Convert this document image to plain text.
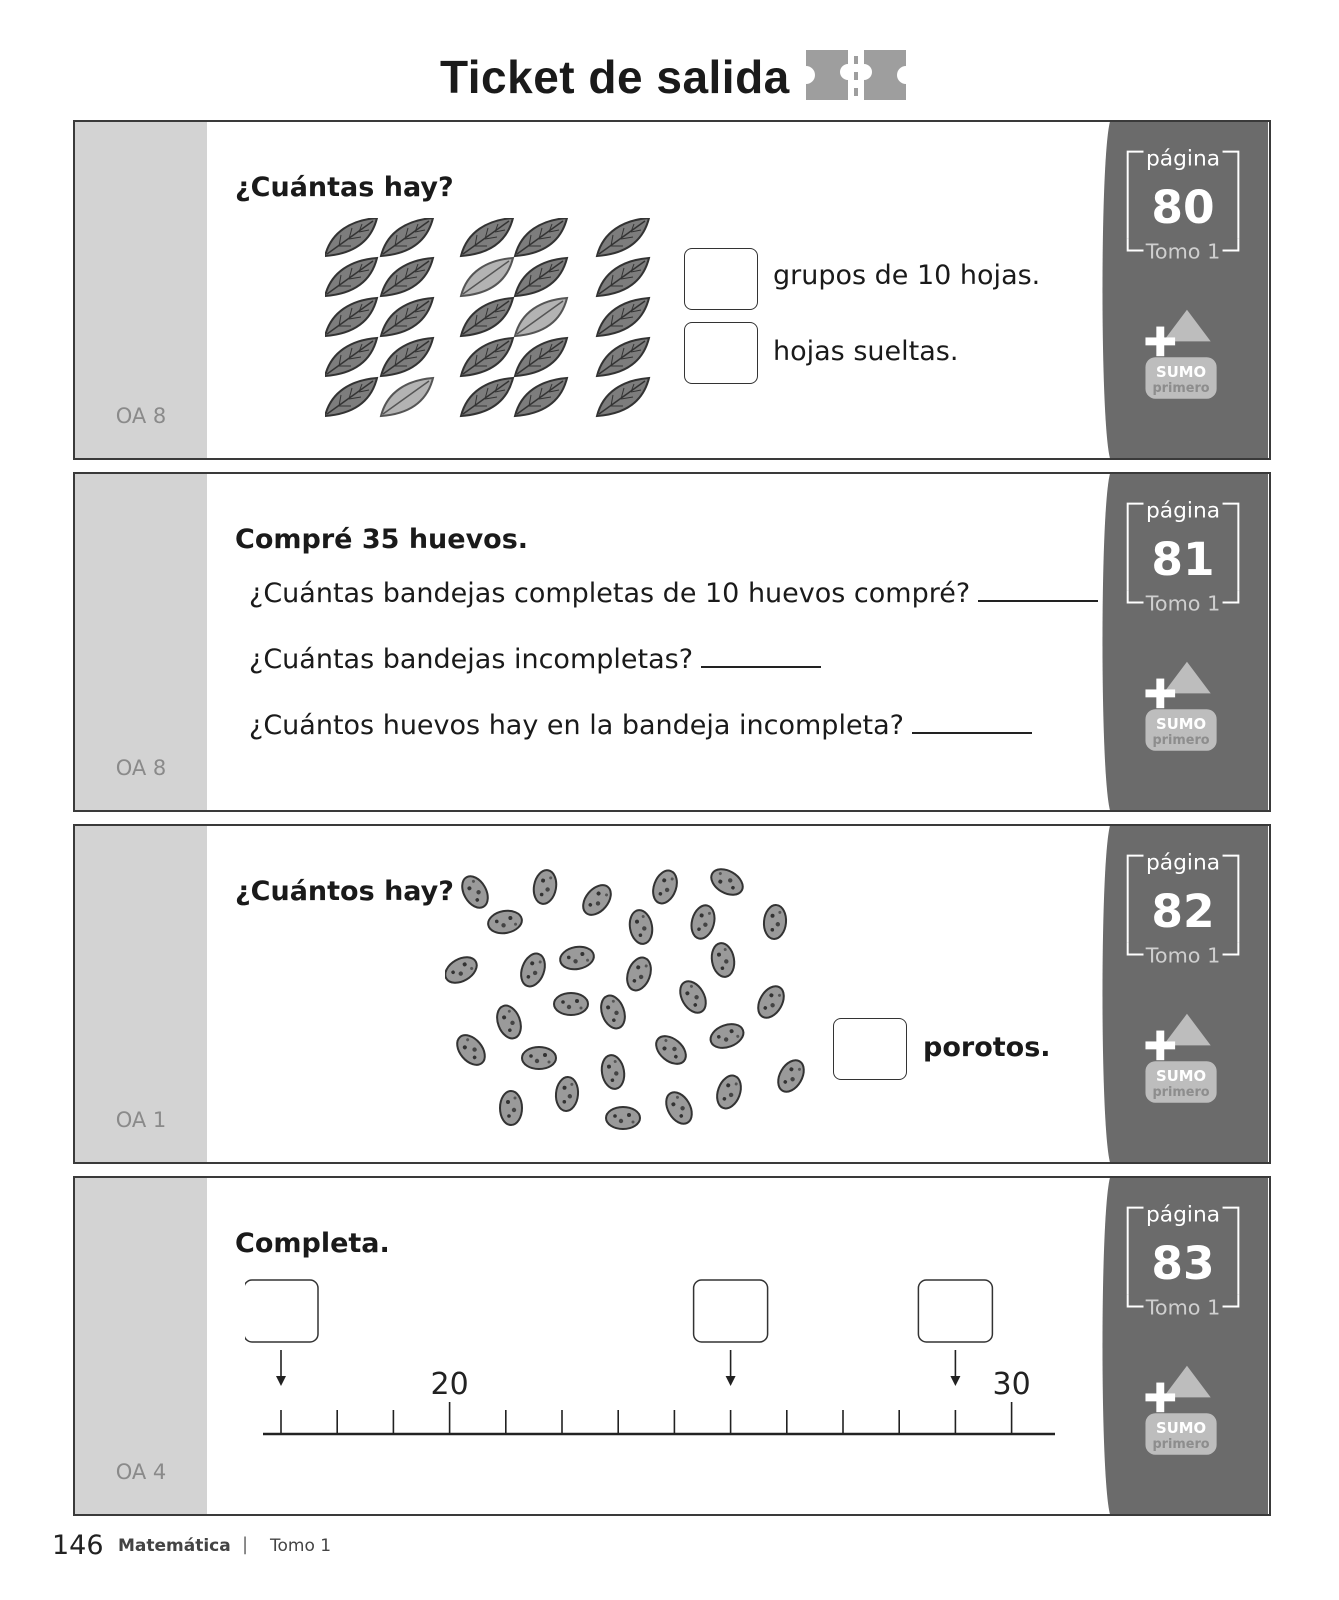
Ticket de salida
OA 8
¿Cuántas hay?
grupos de 10 hojas.
hojas sueltas.
página
80
Tomo 1
SUMO
primero
OA 8
Compré 35 huevos.
¿Cuántas bandejas completas de 10 huevos compré?
¿Cuántas bandejas incompletas?
¿Cuántos huevos hay en la bandeja incompleta?
página
81
Tomo 1
SUMO
primero
OA 1
¿Cuántos hay?
porotos.
página
82
Tomo 1
SUMO
primero
OA 4
Completa.
20	30
página
83
Tomo 1
SUMO
primero
146 Matemática | Tomo 1
